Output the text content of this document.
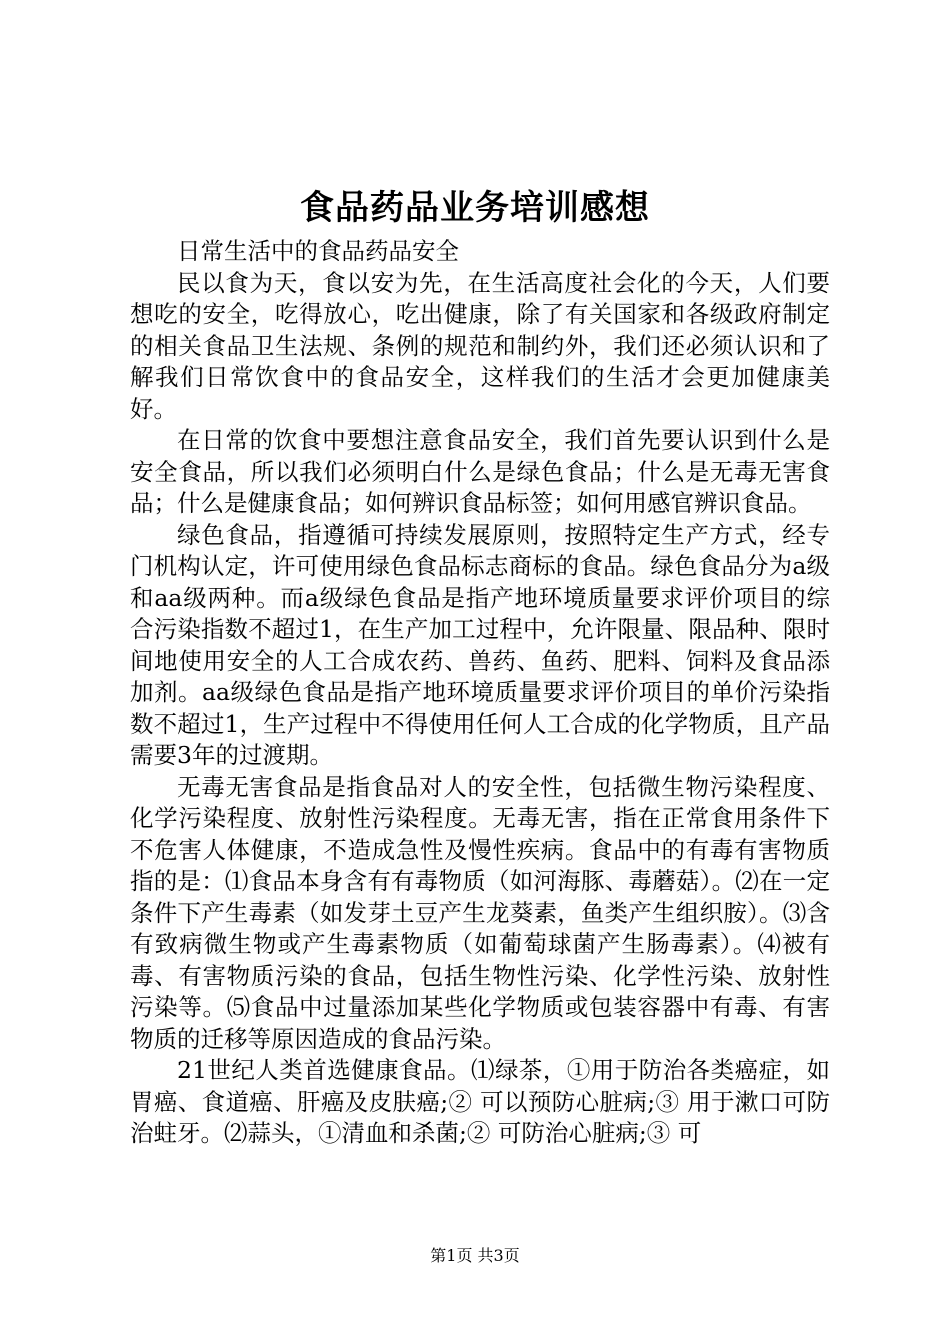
食品药品业务培训感想

日常生活中的食品药品安全

民以食为天，食以安为先，在生活高度社会化的今天，人们要想吃的安全，吃得放心，吃出健康，除了有关国家和各级政府制定的相关食品卫生法规、条例的规范和制约外，我们还必须认识和了解我们日常饮食中的食品安全，这样我们的生活才会更加健康美好。

在日常的饮食中要想注意食品安全，我们首先要认识到什么是安全食品，所以我们必须明白什么是绿色食品；什么是无毒无害食品；什么是健康食品；如何辨识食品标签；如何用感官辨识食品。

绿色食品，指遵循可持续发展原则，按照特定生产方式，经专门机构认定，许可使用绿色食品标志商标的食品。绿色食品分为a级和aa级两种。而a级绿色食品是指产地环境质量要求评价项目的综合污染指数不超过1，在生产加工过程中，允许限量、限品种、限时间地使用安全的人工合成农药、兽药、鱼药、肥料、饲料及食品添加剂。aa级绿色食品是指产地环境质量要求评价项目的单价污染指数不超过1，生产过程中不得使用任何人工合成的化学物质，且产品需要3年的过渡期。

无毒无害食品是指食品对人的安全性，包括微生物污染程度、化学污染程度、放射性污染程度。无毒无害，指在正常食用条件下不危害人体健康，不造成急性及慢性疾病。食品中的有毒有害物质指的是：⑴食品本身含有有毒物质（如河海豚、毒蘑菇）。⑵在一定条件下产生毒素（如发芽土豆产生龙葵素，鱼类产生组织胺）。⑶含有致病微生物或产生毒素物质（如葡萄球菌产生肠毒素）。⑷被有毒、有害物质污染的食品，包括生物性污染、化学性污染、放射性污染等。⑸食品中过量添加某些化学物质或包装容器中有毒、有害物质的迁移等原因造成的食品污染。

21世纪人类首选健康食品。⑴绿茶，①用于防治各类癌症，如胃癌、食道癌、肝癌及皮肤癌;② 可以预防心脏病;③ 用于漱口可防治蛀牙。⑵蒜头，①清血和杀菌;② 可防治心脏病;③ 可

第1页 共3页
